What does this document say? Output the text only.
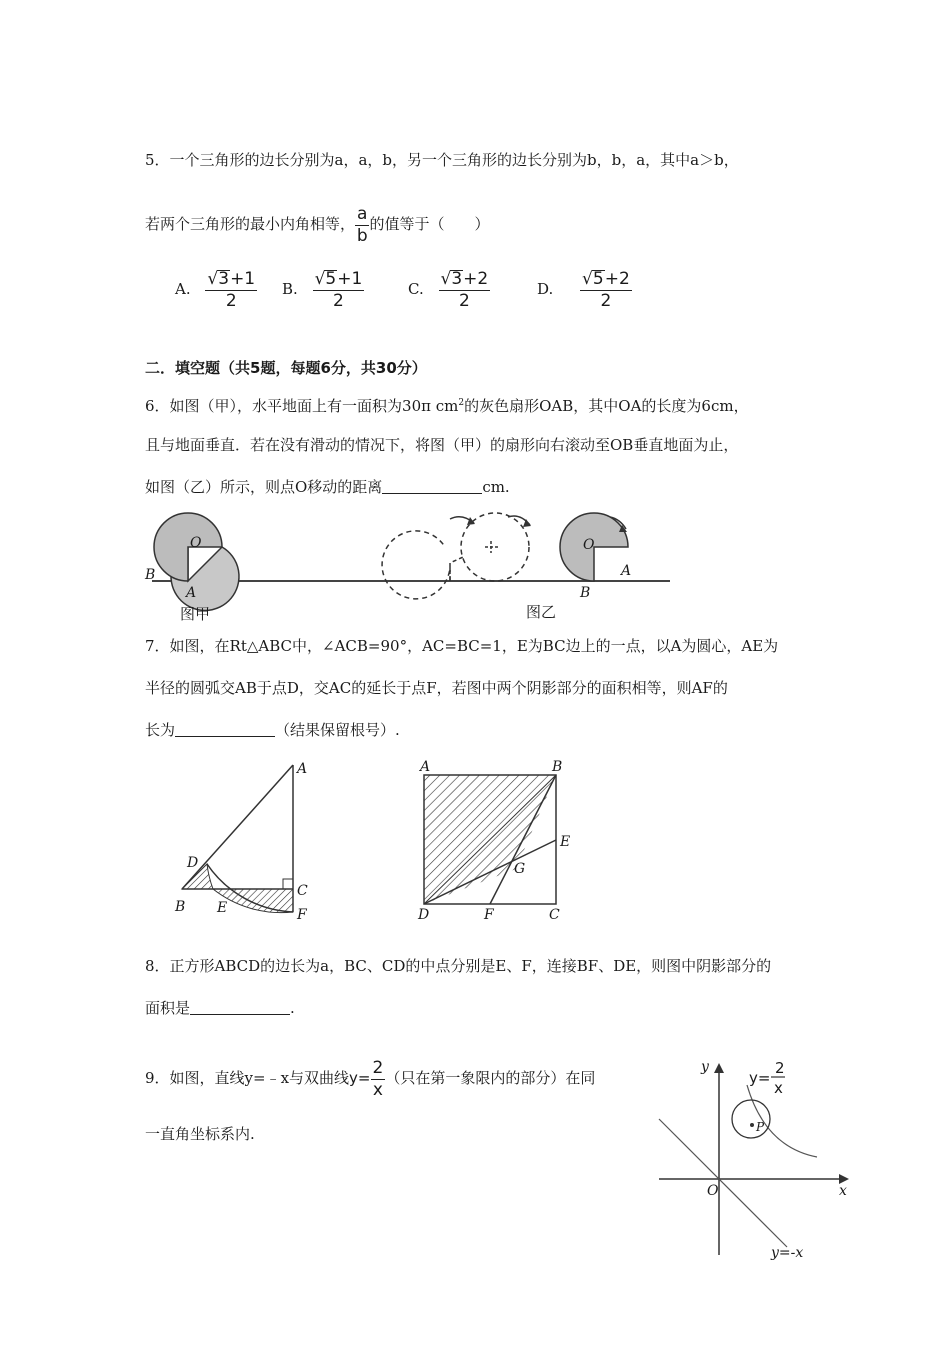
5．一个三角形的边长分别为a，a，b，另一个三角形的边长分别为b，b，a，其中a＞b，
若两个三角形的最小内角相等， $\frac{a}{b}$ 的值等于（　　）
A. $\frac{√3+1}{2} B$. $\frac{√5+1}{2}$	C. $\frac{√3+2}{2}$	D. $\frac{√5+2}{2}$
二．填空题（共5题，每题6分，共30分）
6．如图（甲），水平地面上有一面积为30π $cm^2$的灰色扇形OAB，其中OA的长度为6cm，
且与地面垂直．若在没有滑动的情况下，将图（甲）的扇形向右滚动至OB垂直地面为止，
如图（乙）所示，则点O移动的距离	cm.
O
B
A
图甲
O
A
B
图乙
7．如图，在Rt△ABC中，∠ACB=90°，AC=BC=1，E为BC边上的一点，以A为圆心，AE为
半径的圆弧交AB于点D，交AC的延长于点F，若图中两个阴影部分的面积相等，则AF的
长为	（结果保留根号）.
A
B
C
D
E	F
A	B
C
D
E
F
G
8．正方形ABCD的边长为a，BC、CD的中点分别是E、F，连接BF、DE，则图中阴影部分的
面积是	.
9．如图，直线y=﹣x与双曲线$y= \frac{2}{x}$ （只在第一象限内的部分）在同
一直角坐标系内.
y
x
O
P
y=
2
x
y=-x
